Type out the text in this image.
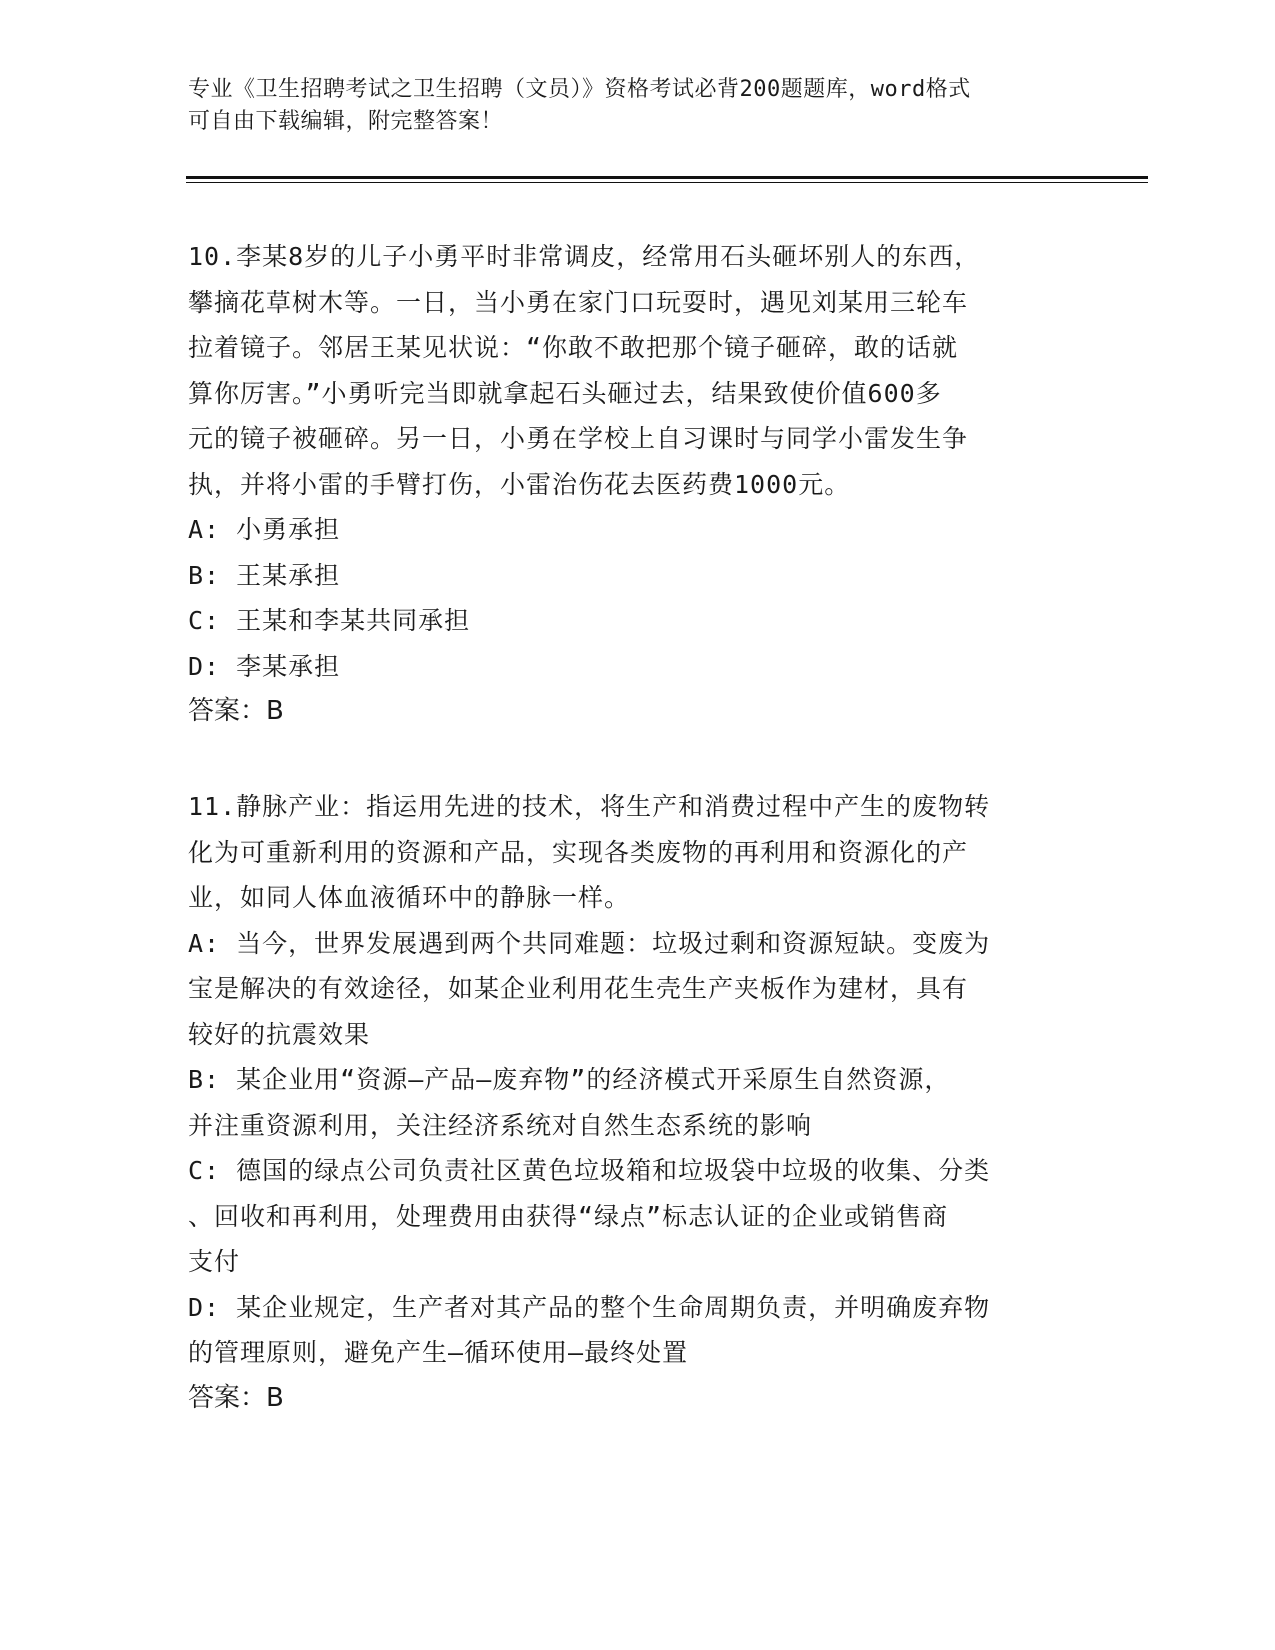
专业《卫生招聘考试之卫生招聘（文员）》资格考试必背200题题库，word格式
可自由下载编辑，附完整答案！
10.李某8岁的儿子小勇平时非常调皮，经常用石头砸坏别人的东西，
攀摘花草树木等。一日，当小勇在家门口玩耍时，遇见刘某用三轮车
拉着镜子。邻居王某见状说：“你敢不敢把那个镜子砸碎，敢的话就
算你厉害。”小勇听完当即就拿起石头砸过去，结果致使价值600多
元的镜子被砸碎。另一日，小勇在学校上自习课时与同学小雷发生争
执，并将小雷的手臂打伤，小雷治伤花去医药费1000元。
A: 小勇承担
B: 王某承担
C: 王某和李某共同承担
D: 李某承担
答案：B
11.静脉产业：指运用先进的技术，将生产和消费过程中产生的废物转
化为可重新利用的资源和产品，实现各类废物的再利用和资源化的产
业，如同人体血液循环中的静脉一样。
A: 当今，世界发展遇到两个共同难题：垃圾过剩和资源短缺。变废为
宝是解决的有效途径，如某企业利用花生壳生产夹板作为建材，具有
较好的抗震效果
B: 某企业用“资源—产品—废弃物”的经济模式开采原生自然资源，
并注重资源利用，关注经济系统对自然生态系统的影响
C: 德国的绿点公司负责社区黄色垃圾箱和垃圾袋中垃圾的收集、分类
、回收和再利用，处理费用由获得“绿点”标志认证的企业或销售商
支付
D: 某企业规定，生产者对其产品的整个生命周期负责，并明确废弃物
的管理原则，避免产生—循环使用—最终处置
答案：B
